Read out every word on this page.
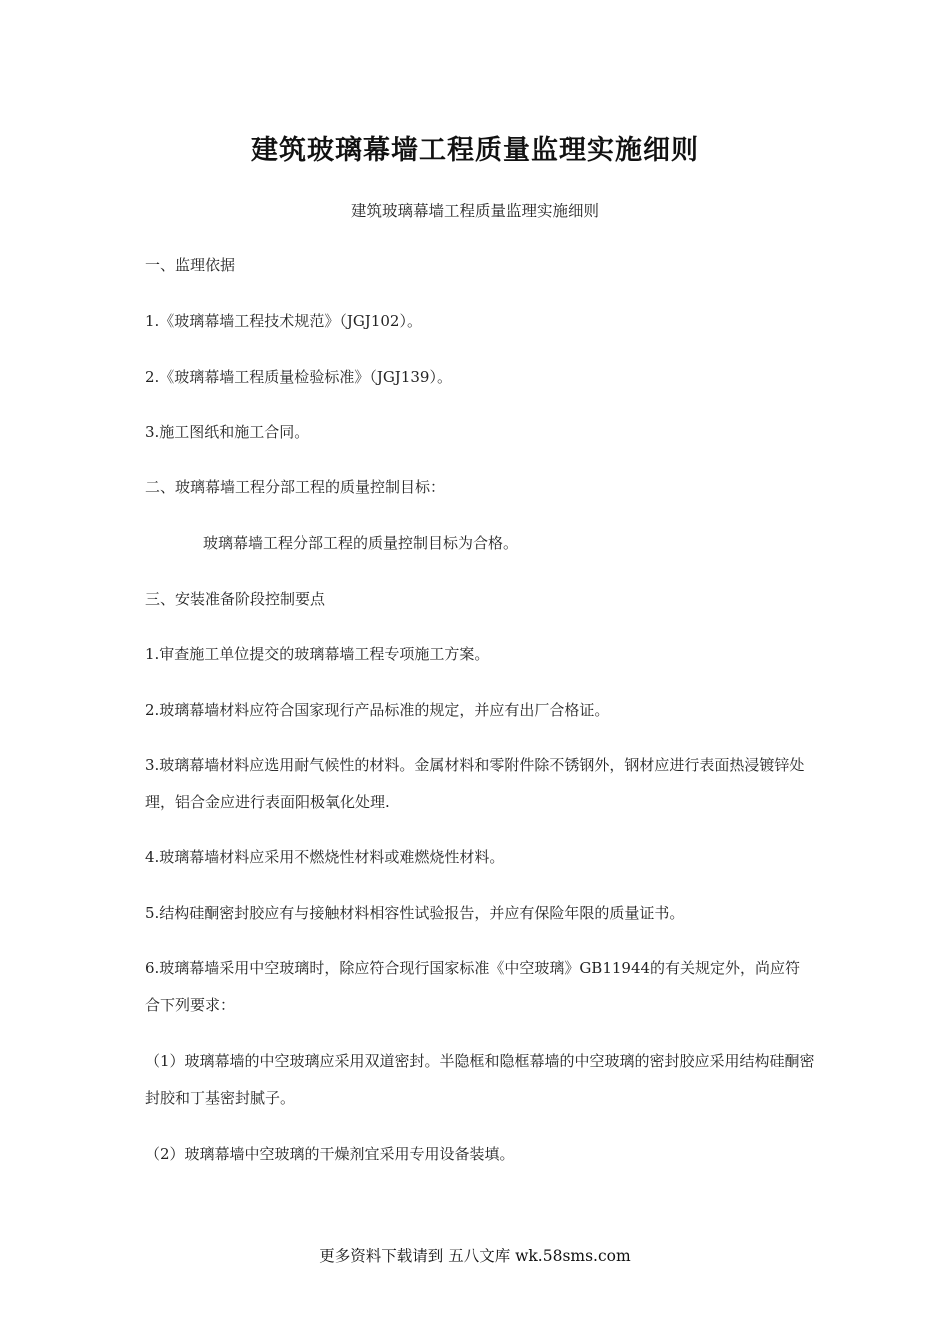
建筑玻璃幕墙工程质量监理实施细则
建筑玻璃幕墙工程质量监理实施细则
一、监理依据
1.《玻璃幕墙工程技术规范》（JGJ102）。
2.《玻璃幕墙工程质量检验标准》（JGJ139）。
3.施工图纸和施工合同。
二、玻璃幕墙工程分部工程的质量控制目标：
玻璃幕墙工程分部工程的质量控制目标为合格。
三、安装准备阶段控制要点
1.审查施工单位提交的玻璃幕墙工程专项施工方案。
2.玻璃幕墙材料应符合国家现行产品标准的规定，并应有出厂合格证。
3.玻璃幕墙材料应选用耐气候性的材料。金属材料和零附件除不锈钢外，钢材应进行表面热浸镀锌处理，铝合金应进行表面阳极氧化处理.
4.玻璃幕墙材料应采用不燃烧性材料或难燃烧性材料。
5.结构硅酮密封胶应有与接触材料相容性试验报告，并应有保险年限的质量证书。
6.玻璃幕墙采用中空玻璃时，除应符合现行国家标准《中空玻璃》GB11944的有关规定外，尚应符合下列要求：
（1）玻璃幕墙的中空玻璃应采用双道密封。半隐框和隐框幕墙的中空玻璃的密封胶应采用结构硅酮密封胶和丁基密封腻子。
（2）玻璃幕墙中空玻璃的干燥剂宜采用专用设备装填。
更多资料下载请到 五八文库 wk.58sms.com
